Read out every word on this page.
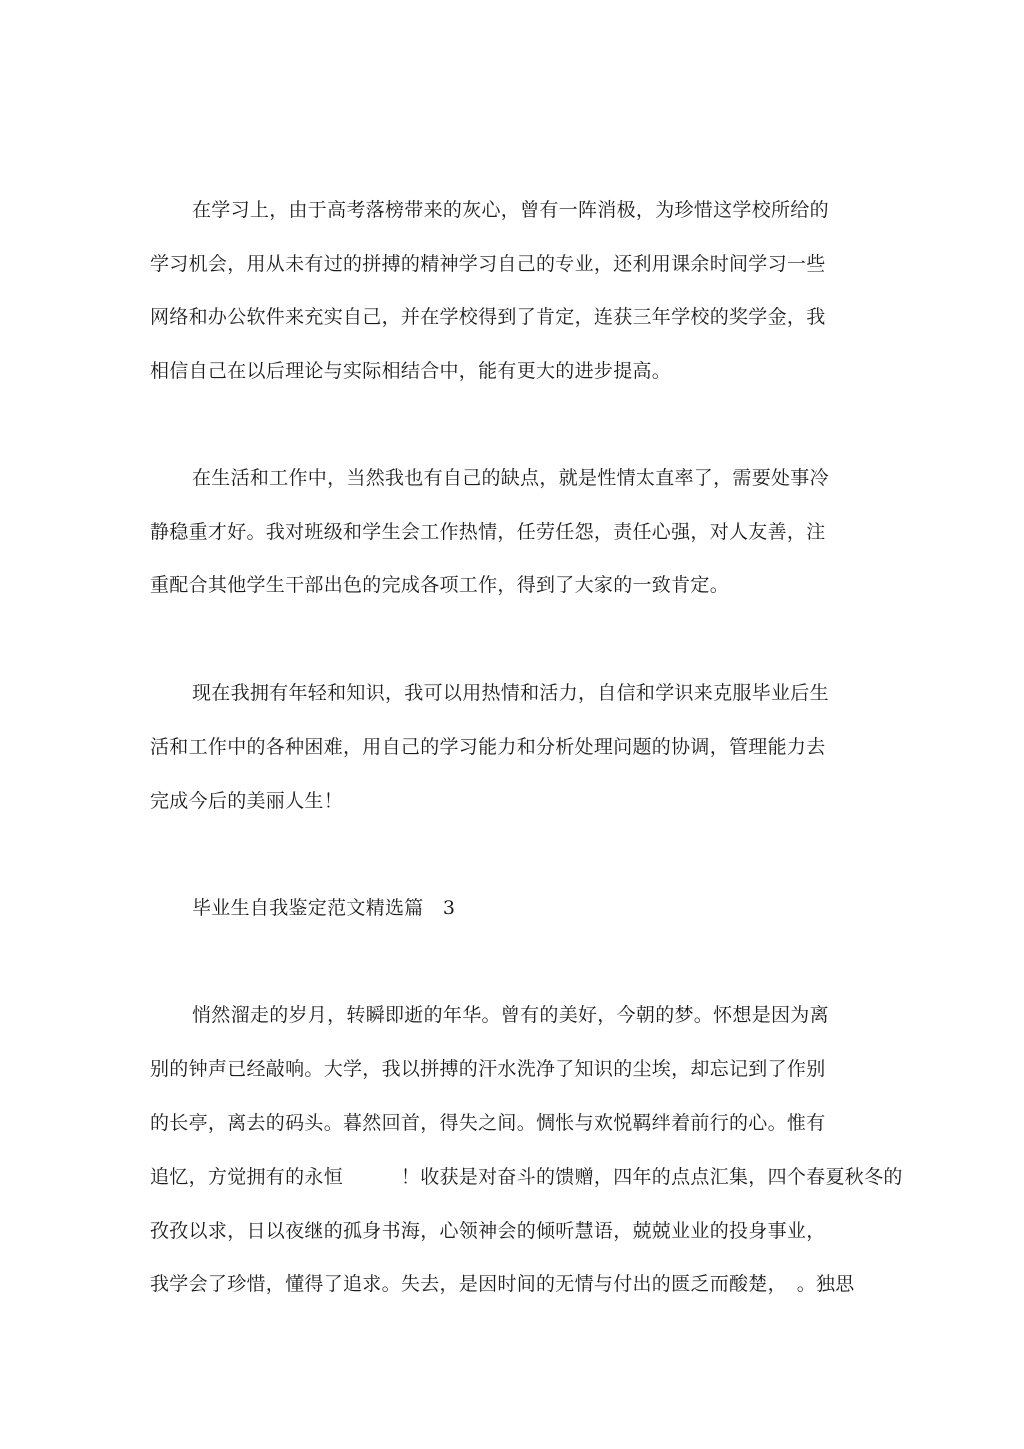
在学习上，由于高考落榜带来的灰心，曾有一阵消极，为珍惜这学校所给的
学习机会，用从未有过的拼搏的精神学习自己的专业，还利用课余时间学习一些
网络和办公软件来充实自己，并在学校得到了肯定，连获三年学校的奖学金，我
相信自己在以后理论与实际相结合中，能有更大的进步提高。
在生活和工作中，当然我也有自己的缺点，就是性情太直率了，需要处事冷
静稳重才好。我对班级和学生会工作热情，任劳任怨，责任心强，对人友善，注
重配合其他学生干部出色的完成各项工作，得到了大家的一致肯定。
现在我拥有年轻和知识，我可以用热情和活力，自信和学识来克服毕业后生
活和工作中的各种困难，用自己的学习能力和分析处理问题的协调，管理能力去
完成今后的美丽人生！
毕业生自我鉴定范文精选篇　3
悄然溜走的岁月，转瞬即逝的年华。曾有的美好，今朝的梦。怀想是因为离
别的钟声已经敲响。大学，我以拼搏的汗水洗净了知识的尘埃，却忘记到了作别
的长亭，离去的码头。暮然回首，得失之间。惆怅与欢悦羁绊着前行的心。惟有
追忆，方觉拥有的永恒　　　！收获是对奋斗的馈赠，四年的点点汇集，四个春夏秋冬的
孜孜以求，日以夜继的孤身书海，心领神会的倾听慧语，兢兢业业的投身事业，
我学会了珍惜，懂得了追求。失去，是因时间的无情与付出的匮乏而酸楚，　。独思
